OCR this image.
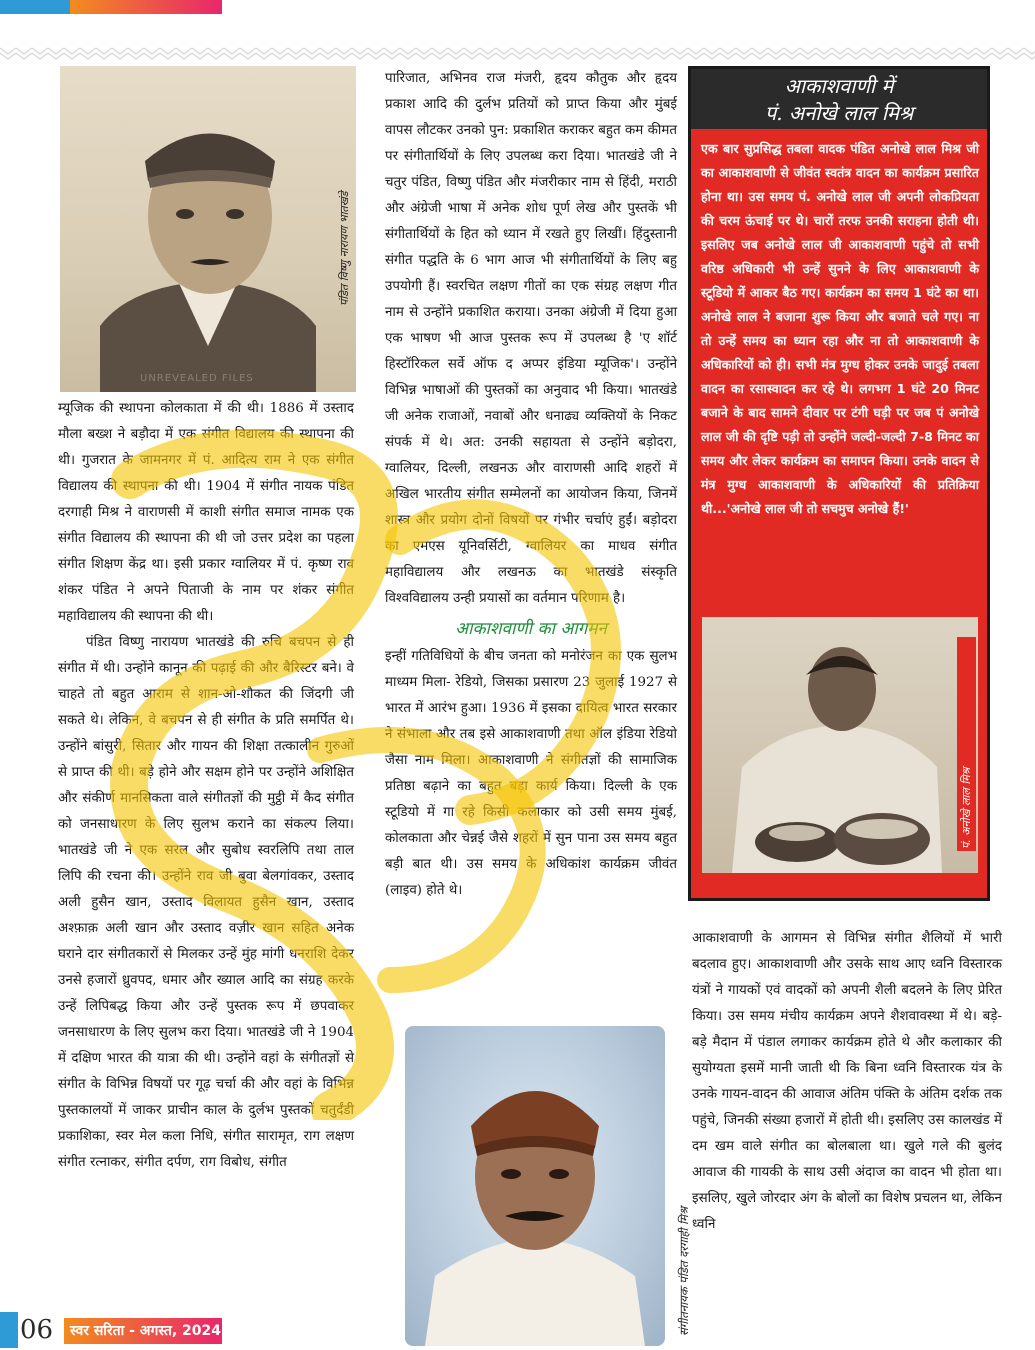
पंडित विष्णु नारायण भातखंडे
UNREVEALED FILES

म्यूजिक की स्थापना कोलकाता में की थी। 1886 में उस्ताद मौला बख्श ने बड़ौदा में एक संगीत विद्यालय की स्थापना की थी। गुजरात के जामनगर में पं. आदित्य राम ने एक संगीत विद्यालय की स्थापना की थी। 1904 में संगीत नायक पंडित दरगाही मिश्र ने वाराणसी में काशी संगीत समाज नामक एक संगीत विद्यालय की स्थापना की थी जो उत्तर प्रदेश का पहला संगीत शिक्षण केंद्र था। इसी प्रकार ग्वालियर में पं. कृष्ण राव शंकर पंडित ने अपने पिताजी के नाम पर शंकर संगीत महाविद्यालय की स्थापना की थी।

पंडित विष्णु नारायण भातखंडे की रुचि बचपन से ही संगीत में थी। उन्होंने कानून की पढ़ाई की और बैरिस्टर बने। वे चाहते तो बहुत आराम से शान-ओ-शौकत की जिंदगी जी सकते थे। लेकिन, वे बचपन से ही संगीत के प्रति समर्पित थे। उन्होंने बांसुरी, सितार और गायन की शिक्षा तत्कालीन गुरुओं से प्राप्त की थी। बड़े होने और सक्षम होने पर उन्होंने अशिक्षित और संकीर्ण मानसिकता वाले संगीतज्ञों की मुट्ठी में कैद संगीत को जनसाधारण के लिए सुलभ कराने का संकल्प लिया। भातखंडे जी ने एक सरल और सुबोध स्वरलिपि तथा ताल लिपि की रचना की। उन्होंने राव जी बुवा बेलगांवकर, उस्ताद अली हुसैन खान, उस्ताद विलायत हुसैन खान, उस्ताद अश्फ़ाक़ अली खान और उस्ताद वज़ीर खान सहित अनेक घराने दार संगीतकारों से मिलकर उन्हें मुंह मांगी धनराशि देकर उनसे हजारों ध्रुवपद, धमार और ख्याल आदि का संग्रह करके उन्हें लिपिबद्ध किया और उन्हें पुस्तक रूप में छपवाकर जनसाधारण के लिए सुलभ करा दिया। भातखंडे जी ने 1904 में दक्षिण भारत की यात्रा की थी। उन्होंने वहां के संगीतज्ञों से संगीत के विभिन्न विषयों पर गूढ़ चर्चा की और वहां के विभिन्न पुस्तकालयों में जाकर प्राचीन काल के दुर्लभ पुस्तकों चतुर्दंडी प्रकाशिका, स्वर मेल कला निधि, संगीत सारामृत, राग लक्षण संगीत रत्नाकर, संगीत दर्पण, राग विबोध, संगीत

पारिजात, अभिनव राज मंजरी, हृदय कौतुक और हृदय प्रकाश आदि की दुर्लभ प्रतियों को प्राप्त किया और मुंबई वापस लौटकर उनको पुन: प्रकाशित कराकर बहुत कम कीमत पर संगीतार्थियों के लिए उपलब्ध करा दिया। भातखंडे जी ने चतुर पंडित, विष्णु पंडित और मंजरीकार नाम से हिंदी, मराठी और अंग्रेजी भाषा में अनेक शोध पूर्ण लेख और पुस्तकें भी संगीतार्थियों के हित को ध्यान में रखते हुए लिखीं। हिंदुस्तानी संगीत पद्धति के 6 भाग आज भी संगीतार्थियों के लिए बहु उपयोगी हैं। स्वरचित लक्षण गीतों का एक संग्रह लक्षण गीत नाम से उन्होंने प्रकाशित कराया। उनका अंग्रेजी में दिया हुआ एक भाषण भी आज पुस्तक रूप में उपलब्ध है 'ए शॉर्ट हिस्टॉरिकल सर्वे ऑफ द अप्पर इंडिया म्यूजिक'। उन्होंने विभिन्न भाषाओं की पुस्तकों का अनुवाद भी किया। भातखंडे जी अनेक राजाओं, नवाबों और धनाढ्य व्यक्तियों के निकट संपर्क में थे। अत: उनकी सहायता से उन्होंने बड़ोदरा, ग्वालियर, दिल्ली, लखनऊ और वाराणसी आदि शहरों में अखिल भारतीय संगीत सम्मेलनों का आयोजन किया, जिनमें शास्त्र और प्रयोग दोनों विषयों पर गंभीर चर्चाएं हुईं। बड़ोदरा का एमएस यूनिवर्सिटी, ग्वालियर का माधव संगीत महाविद्यालय और लखनऊ का भातखंडे संस्कृति विश्वविद्यालय उन्ही प्रयासों का वर्तमान परिणाम है।

आकाशवाणी का आगमन

इन्हीं गतिविधियों के बीच जनता को मनोरंजन का एक सुलभ माध्यम मिला- रेडियो, जिसका प्रसारण 23 जुलाई 1927 से भारत में आरंभ हुआ। 1936 में इसका दायित्व भारत सरकार ने संभाला और तब इसे आकाशवाणी तथा ऑल इंडिया रेडियो जैसा नाम मिला। आकाशवाणी ने संगीतज्ञों की सामाजिक प्रतिष्ठा बढ़ाने का बहुत बड़ा कार्य किया। दिल्ली के एक स्टूडियो में गा रहे किसी कलाकार को उसी समय मुंबई, कोलकाता और चेन्नई जैसे शहरों में सुन पाना उस समय बहुत बड़ी बात थी। उस समय के अधिकांश कार्यक्रम जीवंत (लाइव) होते थे।

आकाशवाणी में
पं. अनोखे लाल मिश्र
एक बार सुप्रसिद्ध तबला वादक पंडित अनोखे लाल मिश्र जी का आकाशवाणी से जीवंत स्वतंत्र वादन का कार्यक्रम प्रसारित होना था। उस समय पं. अनोखे लाल जी अपनी लोकप्रियता की चरम ऊंचाई पर थे। चारों तरफ उनकी सराहना होती थी। इसलिए जब अनोखे लाल जी आकाशवाणी पहुंचे तो सभी वरिष्ठ अधिकारी भी उन्हें सुनने के लिए आकाशवाणी के स्टूडियो में आकर बैठ गए। कार्यक्रम का समय 1 घंटे का था। अनोखे लाल ने बजाना शुरू किया और बजाते चले गए। ना तो उन्हें समय का ध्यान रहा और ना तो आकाशवाणी के अधिकारियों को ही। सभी मंत्र मुग्ध होकर उनके जादुई तबला वादन का रसास्वादन कर रहे थे। लगभग 1 घंटे 20 मिनट बजाने के बाद सामने दीवार पर टंगी घड़ी पर जब पं अनोखे लाल जी की दृष्टि पड़ी तो उन्होंने जल्दी-जल्दी 7-8 मिनट का समय और लेकर कार्यक्रम का समापन किया। उनके वादन से मंत्र मुग्ध आकाशवाणी के अधिकारियों की प्रतिक्रिया थी...'अनोखे लाल जी तो सचमुच अनोखे हैं!'
पं. अनोखे लाल मिश्र
संगीतनायक पंडित दरगाही मिश्र

आकाशवाणी के आगमन से विभिन्न संगीत शैलियों में भारी बदलाव हुए। आकाशवाणी और उसके साथ आए ध्वनि विस्तारक यंत्रों ने गायकों एवं वादकों को अपनी शैली बदलने के लिए प्रेरित किया। उस समय मंचीय कार्यक्रम अपने शैशवावस्था में थे। बड़े-बड़े मैदान में पंडाल लगाकर कार्यक्रम होते थे और कलाकार की सुयोग्यता इसमें मानी जाती थी कि बिना ध्वनि विस्तारक यंत्र के उनके गायन-वादन की आवाज अंतिम पंक्ति के अंतिम दर्शक तक पहुंचे, जिनकी संख्या हजारों में होती थी। इसलिए उस कालखंड में दम खम वाले संगीत का बोलबाला था। खुले गले की बुलंद आवाज की गायकी के साथ उसी अंदाज का वादन भी होता था। इसलिए, खुले जोरदार अंग के बोलों का विशेष प्रचलन था, लेकिन ध्वनि

06	स्वर सरिता - अगस्त, 2024
